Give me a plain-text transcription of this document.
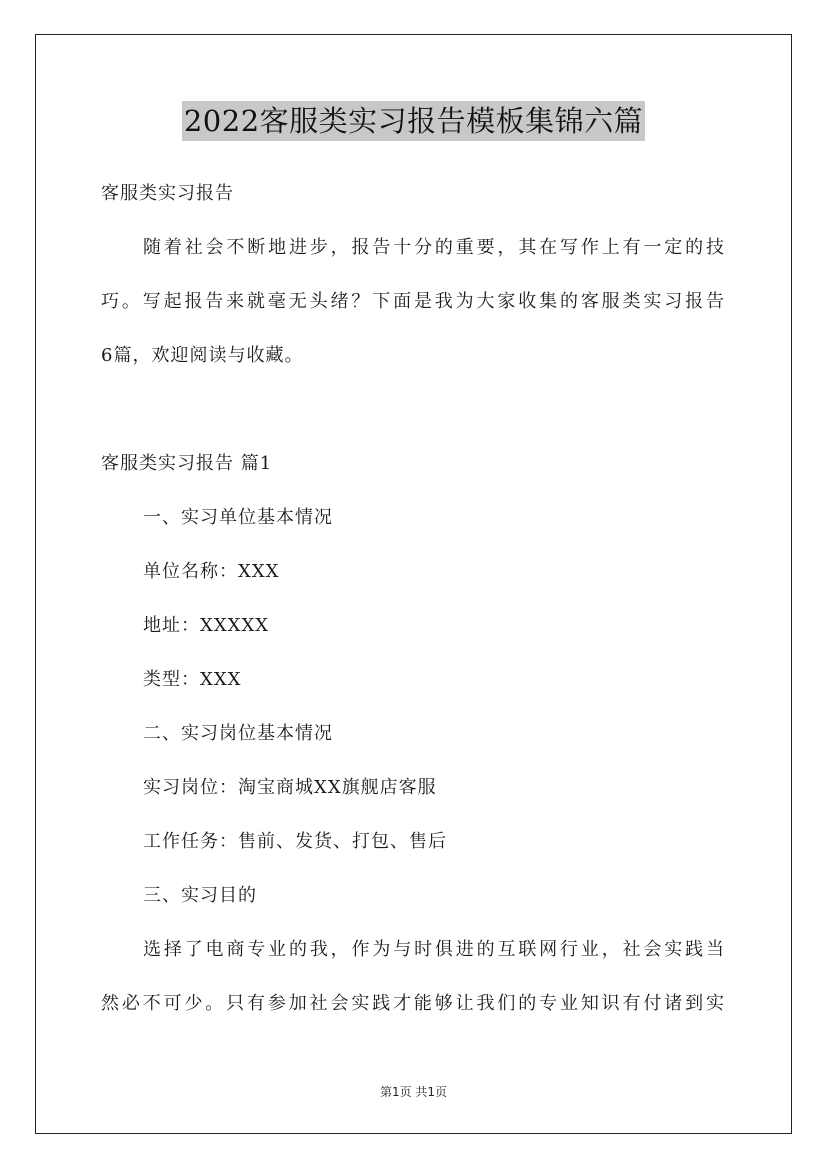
2022客服类实习报告模板集锦六篇
客服类实习报告
随着社会不断地进步，报告十分的重要，其在写作上有一定的技
巧。写起报告来就毫无头绪？下面是我为大家收集的客服类实习报告
6篇，欢迎阅读与收藏。
客服类实习报告 篇1
一、实习单位基本情况
单位名称：XXX
地址：XXXXX
类型：XXX
二、实习岗位基本情况
实习岗位：淘宝商城XX旗舰店客服
工作任务：售前、发货、打包、售后
三、实习目的
选择了电商专业的我，作为与时俱进的互联网行业，社会实践当
然必不可少。只有参加社会实践才能够让我们的专业知识有付诸到实
第1页 共1页
